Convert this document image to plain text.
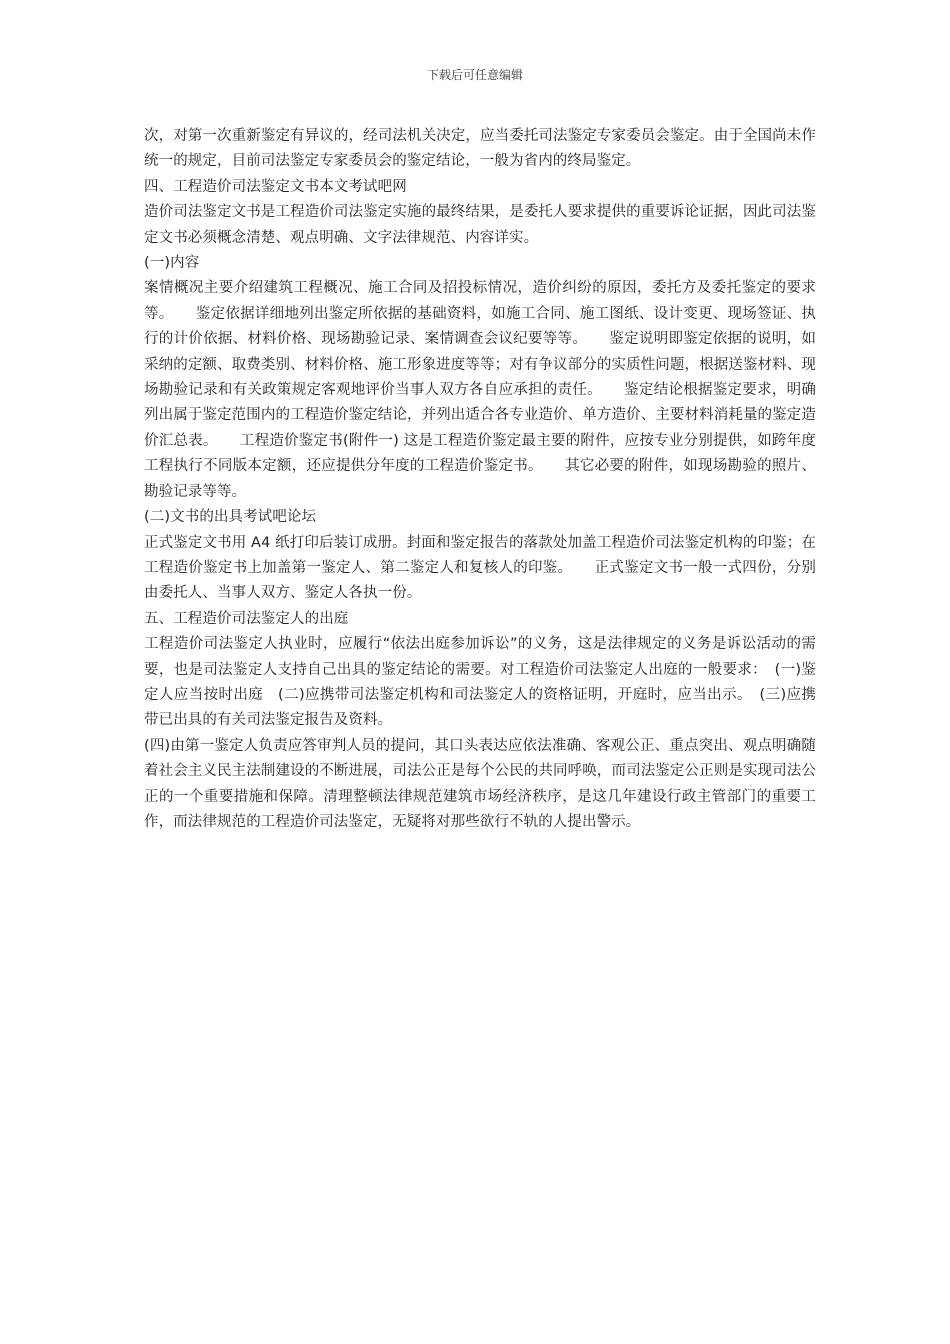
下载后可任意编辑

次，对第一次重新鉴定有异议的，经司法机关决定，应当委托司法鉴定专家委员会鉴定。由于全国尚未作统一的规定，目前司法鉴定专家委员会的鉴定结论，一般为省内的终局鉴定。

四、工程造价司法鉴定文书本文考试吧网

造价司法鉴定文书是工程造价司法鉴定实施的最终结果，是委托人要求提供的重要诉论证据，因此司法鉴定文书必须概念清楚、观点明确、文字法律规范、内容详实。

(一)内容

案情概况主要介绍建筑工程概况、施工合同及招投标情况，造价纠纷的原因，委托方及委托鉴定的要求等。　　鉴定依据详细地列出鉴定所依据的基础资料，如施工合同、施工图纸、设计变更、现场签证、执行的计价依据、材料价格、现场勘验记录、案情调查会议纪要等等。　　鉴定说明即鉴定依据的说明，如采纳的定额、取费类别、材料价格、施工形象进度等等；对有争议部分的实质性问题，根据送鉴材料、现场勘验记录和有关政策规定客观地评价当事人双方各自应承担的责任。　　鉴定结论根据鉴定要求，明确列出属于鉴定范围内的工程造价鉴定结论，并列出适合各专业造价、单方造价、主要材料消耗量的鉴定造价汇总表。　　工程造价鉴定书(附件一) 这是工程造价鉴定最主要的附件，应按专业分别提供，如跨年度工程执行不同版本定额，还应提供分年度的工程造价鉴定书。　　其它必要的附件，如现场勘验的照片、勘验记录等等。

(二)文书的出具考试吧论坛

正式鉴定文书用 A4 纸打印后装订成册。封面和鉴定报告的落款处加盖工程造价司法鉴定机构的印鉴；在工程造价鉴定书上加盖第一鉴定人、第二鉴定人和复核人的印鉴。　　正式鉴定文书一般一式四份，分别由委托人、当事人双方、鉴定人各执一份。

五、工程造价司法鉴定人的出庭

工程造价司法鉴定人执业时，应履行“依法出庭参加诉讼”的义务，这是法律规定的义务是诉讼活动的需要，也是司法鉴定人支持自己出具的鉴定结论的需要。对工程造价司法鉴定人出庭的一般要求：　(一)鉴定人应当按时出庭　(二)应携带司法鉴定机构和司法鉴定人的资格证明，开庭时，应当出示。　(三)应携带已出具的有关司法鉴定报告及资料。

(四)由第一鉴定人负责应答审判人员的提问，其口头表达应依法准确、客观公正、重点突出、观点明确随着社会主义民主法制建设的不断进展，司法公正是每个公民的共同呼唤，而司法鉴定公正则是实现司法公正的一个重要措施和保障。清理整顿法律规范建筑市场经济秩序，是这几年建设行政主管部门的重要工作，而法律规范的工程造价司法鉴定，无疑将对那些欲行不轨的人提出警示。
